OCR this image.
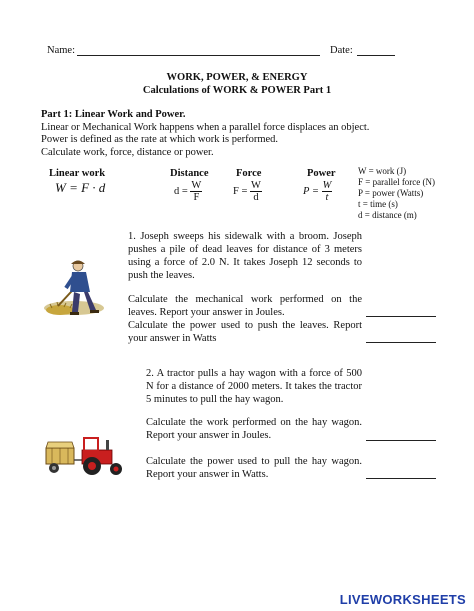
Name:	Date:
WORK, POWER, & ENERGY
Calculations of WORK & POWER Part 1
Part 1: Linear Work and Power.
Linear or Mechanical Work happens when a parallel force displaces an object.
Power is defined as the rate at which work is performed.
Calculate work, force, distance or power.
Linear work
W = F · d
Distance
$d = \frac{W}{F}$
Force
$F = \frac{W}{d}$
Power
$P = \frac{W}{t}$
W = work (J)
F = parallel force (N)
P = power (Watts)
t = time (s)
d = distance (m)
1. Joseph sweeps his sidewalk with a broom. Joseph pushes a pile of dead leaves for distance of 3 meters using a force of 2.0 N. It takes Joseph 12 seconds to push the leaves.
Calculate the mechanical work performed on the leaves. Report your answer in Joules.
Calculate the power used to push the leaves. Report your answer in Watts
2. A tractor pulls a hay wagon with a force of 500 N for a distance of 2000 meters. It takes the tractor 5 minutes to pull the hay wagon.
Calculate the work performed on the hay wagon. Report your answer in Joules.
Calculate the power used to pull the hay wagon. Report your answer in Watts.
LIVEWORKSHEETS
